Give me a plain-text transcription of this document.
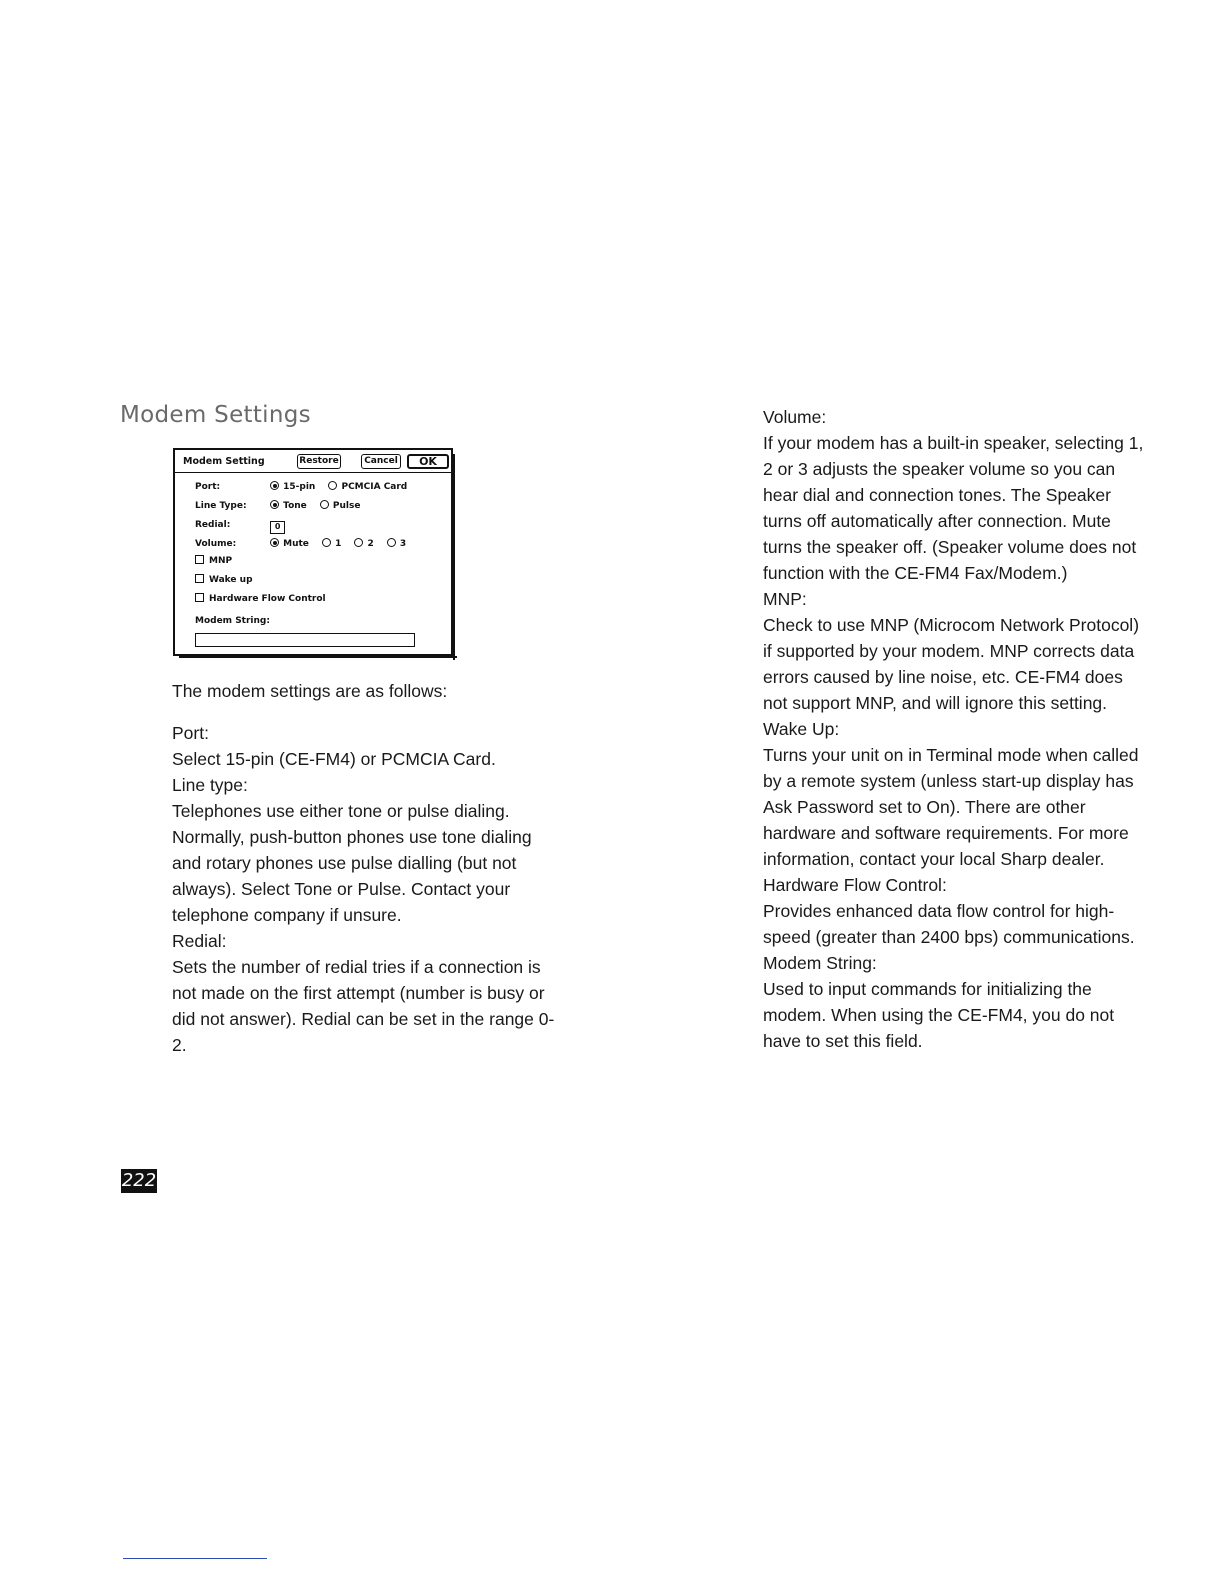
Modem Settings
Modem Setting	Restore	Cancel	OK
Port:	15-pin	PCMCIA Card
Line Type:	Tone	Pulse
Redial:	0
Volume:	Mute	1	2	3
MNP
Wake up
Hardware Flow Control
Modem String:

The modem settings are as follows:

Port:

Select 15-pin (CE-FM4) or PCMCIA Card.

Line type:

Telephones use either tone or pulse dialing.

Normally, push-button phones use tone dialing

and rotary phones use pulse dialling (but not

always). Select Tone or Pulse. Contact your

telephone company if unsure.

Redial:

Sets the number of redial tries if a connection is

not made on the first attempt (number is busy or

did not answer). Redial can be set in the range 0-

2.

Volume:

If your modem has a built-in speaker, selecting 1,

2 or 3 adjusts the speaker volume so you can

hear dial and connection tones. The Speaker

turns off automatically after connection. Mute

turns the speaker off. (Speaker volume does not

function with the CE-FM4 Fax/Modem.)

MNP:

Check to use MNP (Microcom Network Protocol)

if supported by your modem. MNP corrects data

errors caused by line noise, etc. CE-FM4 does

not support MNP, and will ignore this setting.

Wake Up:

Turns your unit on in Terminal mode when called

by a remote system (unless start-up display has

Ask Password set to On). There are other

hardware and software requirements. For more

information, contact your local Sharp dealer.

Hardware Flow Control:

Provides enhanced data flow control for high-

speed (greater than 2400 bps) communications.

Modem String:

Used to input commands for initializing the

modem. When using the CE-FM4, you do not

have to set this field.

222
